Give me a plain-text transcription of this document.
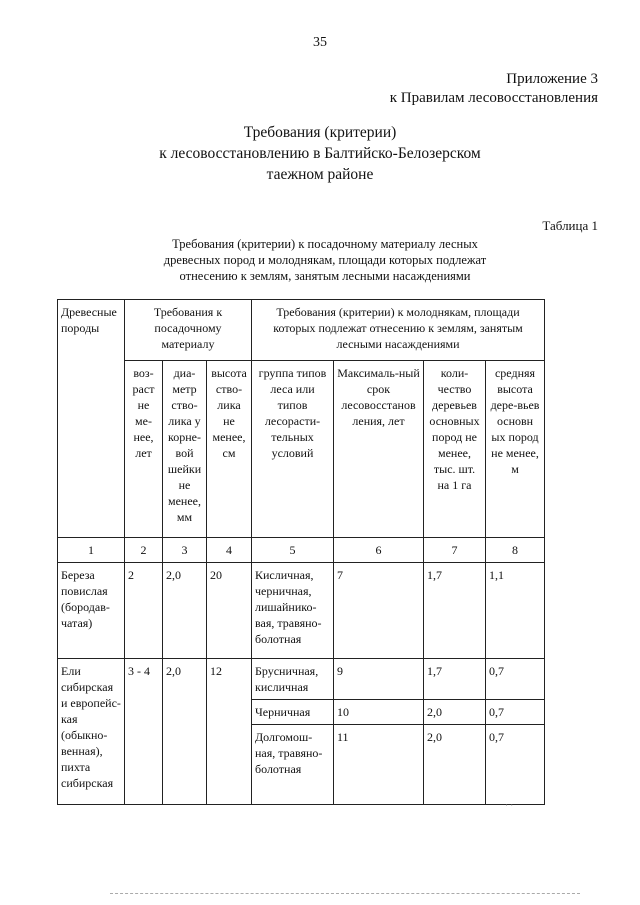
35
Приложение 3
к Правилам лесовосстановления
Требования (критерии)
к лесовосстановлению в Балтийско-Белозерском
таежном районе
Таблица 1
Требования (критерии) к посадочному материалу лесных
древесных пород и молоднякам, площади которых подлежат
отнесению к землям, занятым лесными насаждениями
Древесные породы	Требования к посадочному материалу			Требования (критерии) к молоднякам, площади которых подлежат отнесению к землям, занятым лесными насаждениями			
	воз-раст не ме-нее, лет	диа-метр ство-лика у корне-вой шейки не менее, мм	высота ство-лика не менее, см	группа типов леса или типов лесорасти-тельных условий	Максималь-ный срок лесовосстанов ления, лет	коли-чество деревьев основных пород не менее, тыс. шт. на 1 га	средняя высота дере-вьев основн ых пород не менее, м
1	2	3	4	5	6	7	8
Береза повислая (бородав-чатая)	2	2,0	20	Кисличная, черничная, лишайнико-вая, травяно-болотная	7	1,7	1,1
Ели сибирская и европейс-кая (обыкно-венная), пихта сибирская	3 - 4	2,0	12	Брусничная, кисличная	9	1,7	0,7
				Черничная	10	2,0	0,7
				Долгомош-ная, травяно-болотная	11	2,0	0,7
· ·
